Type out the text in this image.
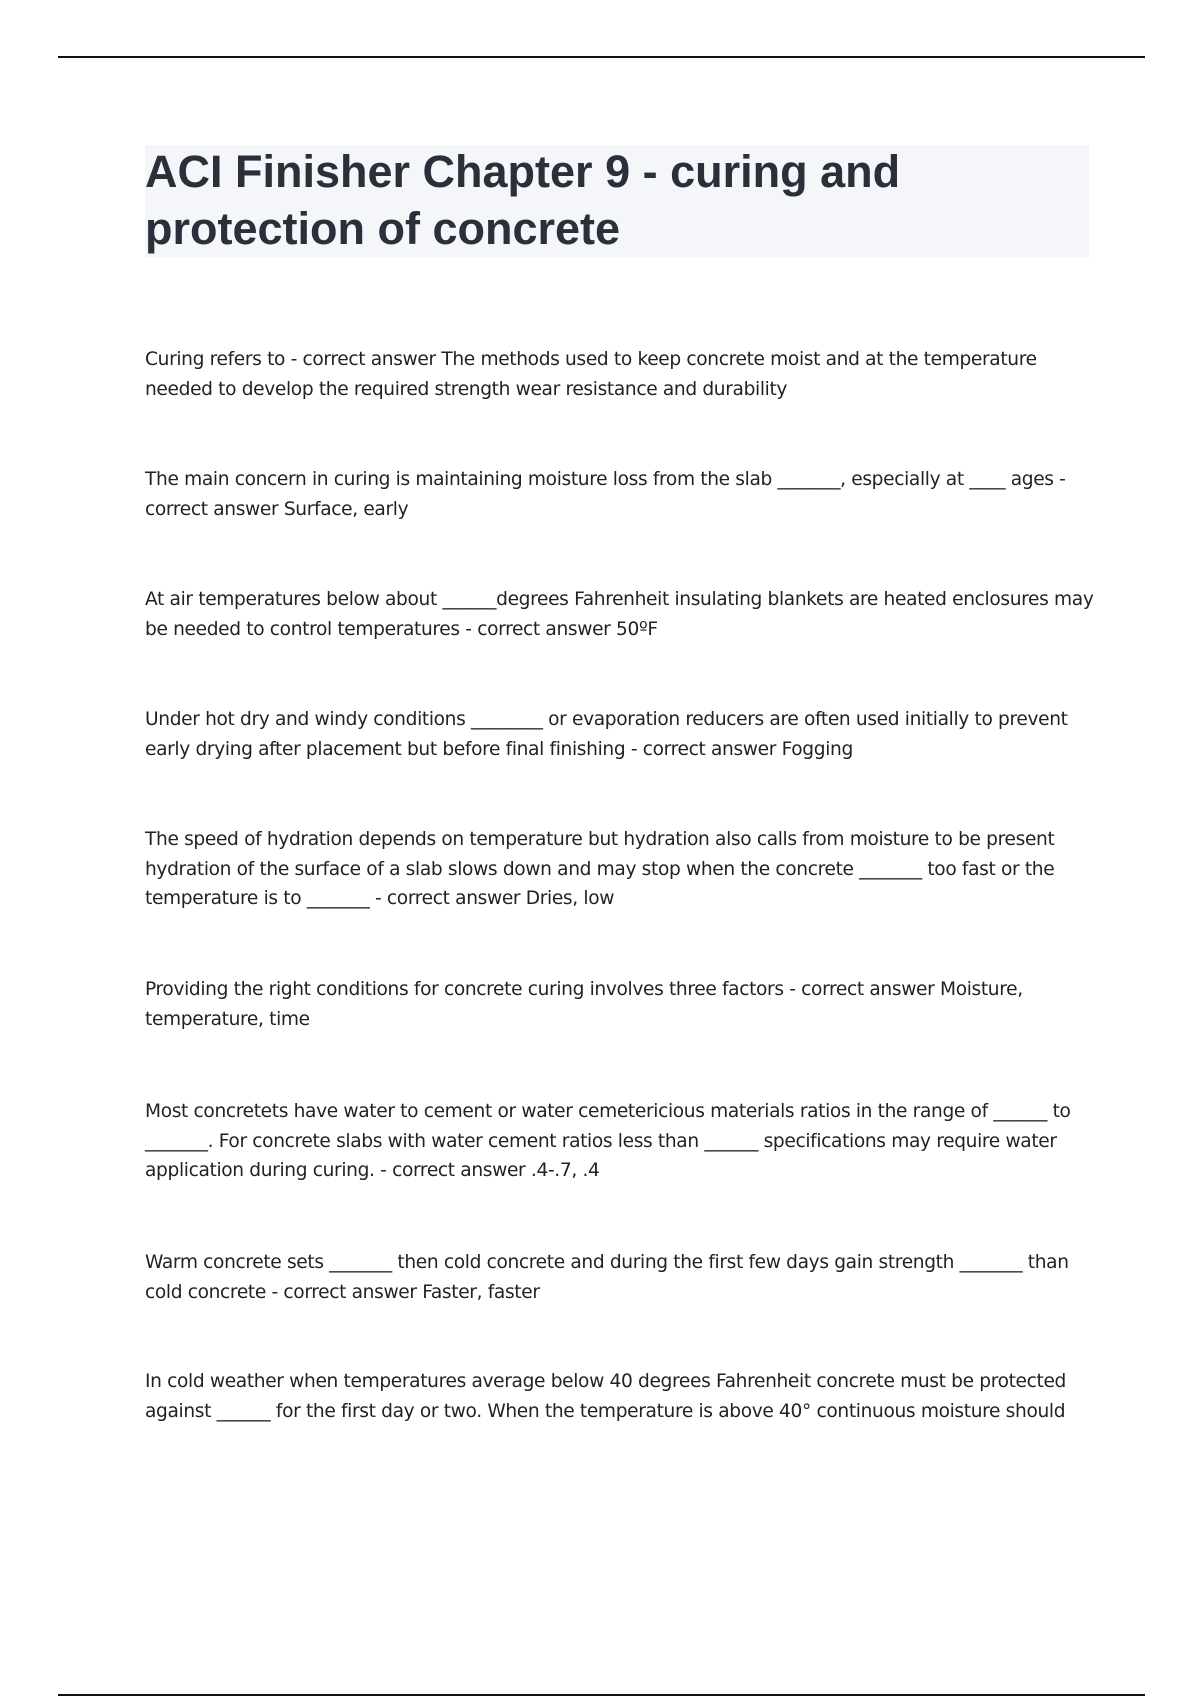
ACI Finisher Chapter 9 - curing and protection of concrete

Curing refers to - correct answer The methods used to keep concrete moist and at the temperature needed to develop the required strength wear resistance and durability

The main concern in curing is maintaining moisture loss from the slab _______, especially at ____ ages - correct answer Surface, early

At air temperatures below about ______degrees Fahrenheit insulating blankets are heated enclosures may be needed to control temperatures - correct answer 50ºF

Under hot dry and windy conditions ________ or evaporation reducers are often used initially to prevent early drying after placement but before final finishing - correct answer Fogging

The speed of hydration depends on temperature but hydration also calls from moisture to be present hydration of the surface of a slab slows down and may stop when the concrete _______ too fast or the temperature is to _______ - correct answer Dries, low

Providing the right conditions for concrete curing involves three factors - correct answer Moisture, temperature, time

Most concretets have water to cement or water cemetericious materials ratios in the range of ______ to _______. For concrete slabs with water cement ratios less than ______ specifications may require water application during curing. - correct answer .4-.7, .4

Warm concrete sets _______ then cold concrete and during the first few days gain strength _______ than cold concrete - correct answer Faster, faster

In cold weather when temperatures average below 40 degrees Fahrenheit concrete must be protected against ______ for the first day or two. When the temperature is above 40° continuous moisture should
